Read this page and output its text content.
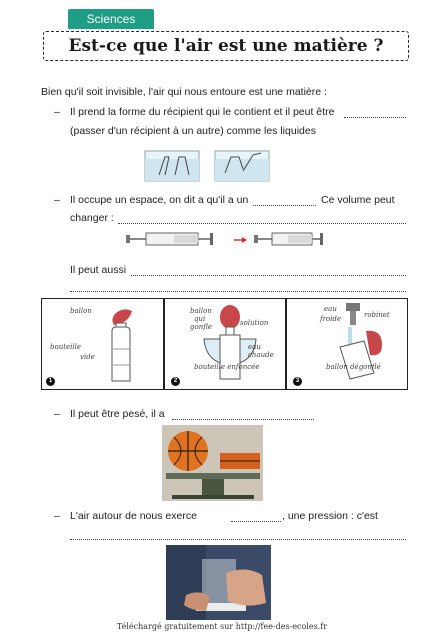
Sciences
Est-ce que l'air est une matière ?
Bien qu'il soit invisible, l'air qui nous entoure est une matière :
– Il prend la forme du récipient qui le contient et il peut être
(passer d'un récipient à un autre) comme les liquides
– Il occupe un espace, on dit a qu'il a un	Ce volume peut
changer :
Il peut aussi
ballon
bouteille
vide
1
ballon
qui
gonfle	solution
eau
chaude
bouteille enfoncée
2
eau
froide	robinet
ballon dégonflé
3
– Il peut être pesé, il a
– L'air autour de nous exerce	, une pression : c'est
Téléchargé gratuitement sur http://fee-des-ecoles.fr
